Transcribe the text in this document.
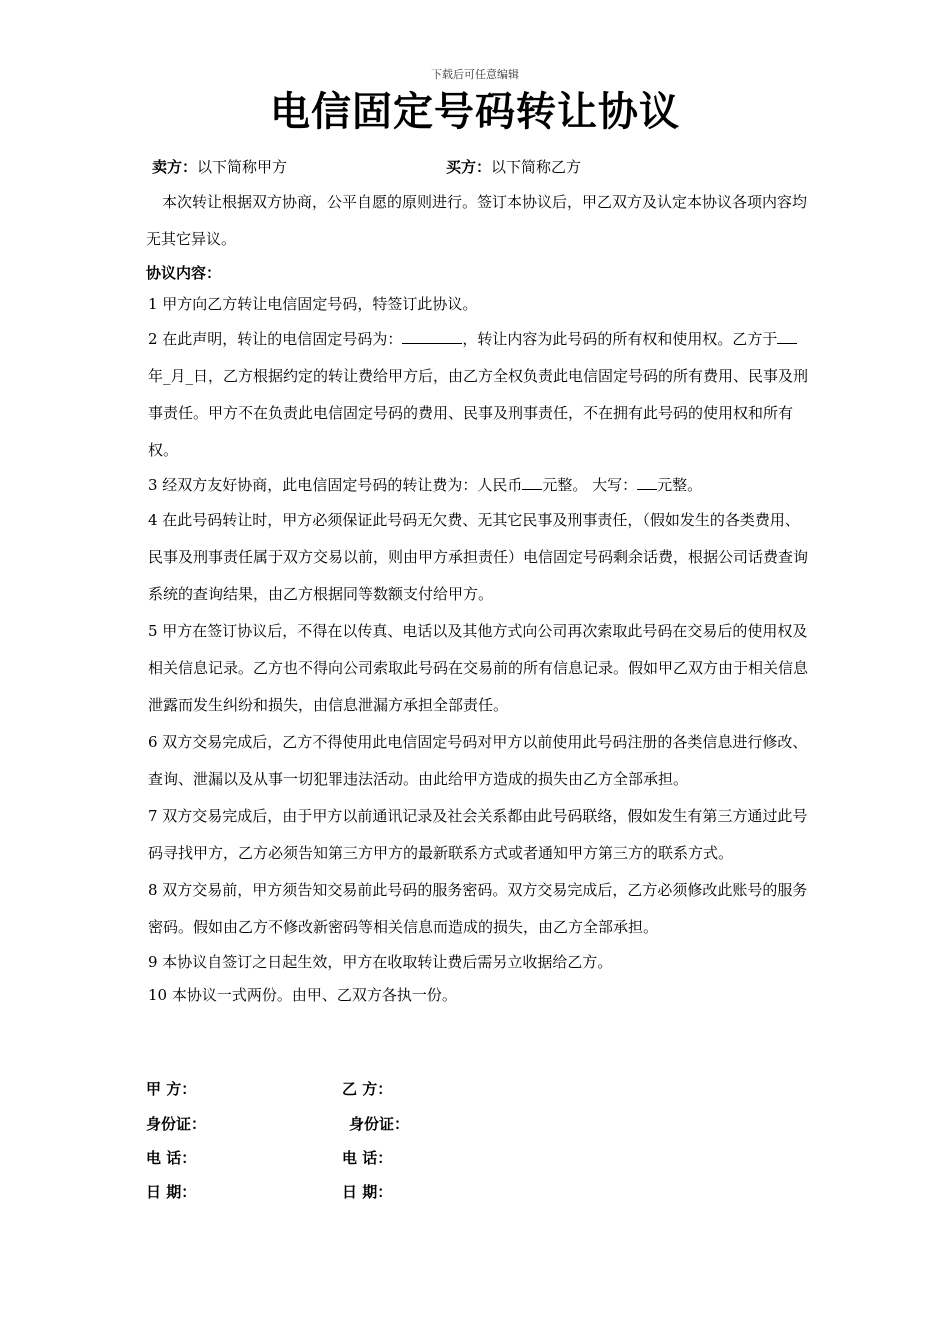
下载后可任意编辑
电信固定号码转让协议
卖方：以下简称甲方	买方：以下简称乙方

本次转让根据双方协商，公平自愿的原则进行。签订本协议后，甲乙双方及认定本协议各项内容均无其它异议。

协议内容：

1 甲方向乙方转让电信固定号码，特签订此协议。

2 在此声明，转让的电信固定号码为：	，转让内容为此号码的所有权和使用权。乙方于年_月_日，乙方根据约定的转让费给甲方后，由乙方全权负责此电信固定号码的所有费用、民事及刑事责任。甲方不在负责此电信固定号码的费用、民事及刑事责任，不在拥有此号码的使用权和所有权。

3 经双方友好协商，此电信固定号码的转让费为：人民币 元整。 大写： 元整。

4 在此号码转让时，甲方必须保证此号码无欠费、无其它民事及刑事责任，（假如发生的各类费用、民事及刑事责任属于双方交易以前，则由甲方承担责任）电信固定号码剩余话费，根据公司话费查询系统的查询结果，由乙方根据同等数额支付给甲方。

5 甲方在签订协议后，不得在以传真、电话以及其他方式向公司再次索取此号码在交易后的使用权及相关信息记录。乙方也不得向公司索取此号码在交易前的所有信息记录。假如甲乙双方由于相关信息泄露而发生纠纷和损失，由信息泄漏方承担全部责任。

6 双方交易完成后，乙方不得使用此电信固定号码对甲方以前使用此号码注册的各类信息进行修改、查询、泄漏以及从事一切犯罪违法活动。由此给甲方造成的损失由乙方全部承担。

7 双方交易完成后，由于甲方以前通讯记录及社会关系都由此号码联络，假如发生有第三方通过此号码寻找甲方，乙方必须告知第三方甲方的最新联系方式或者通知甲方第三方的联系方式。

8 双方交易前，甲方须告知交易前此号码的服务密码。双方交易完成后，乙方必须修改此账号的服务密码。假如由乙方不修改新密码等相关信息而造成的损失，由乙方全部承担。

9 本协议自签订之日起生效，甲方在收取转让费后需另立收据给乙方。

10 本协议一式两份。由甲、乙双方各执一份。

甲 方：	乙 方：
身份证：	身份证：
电 话：	电 话：
日 期：	日 期：
